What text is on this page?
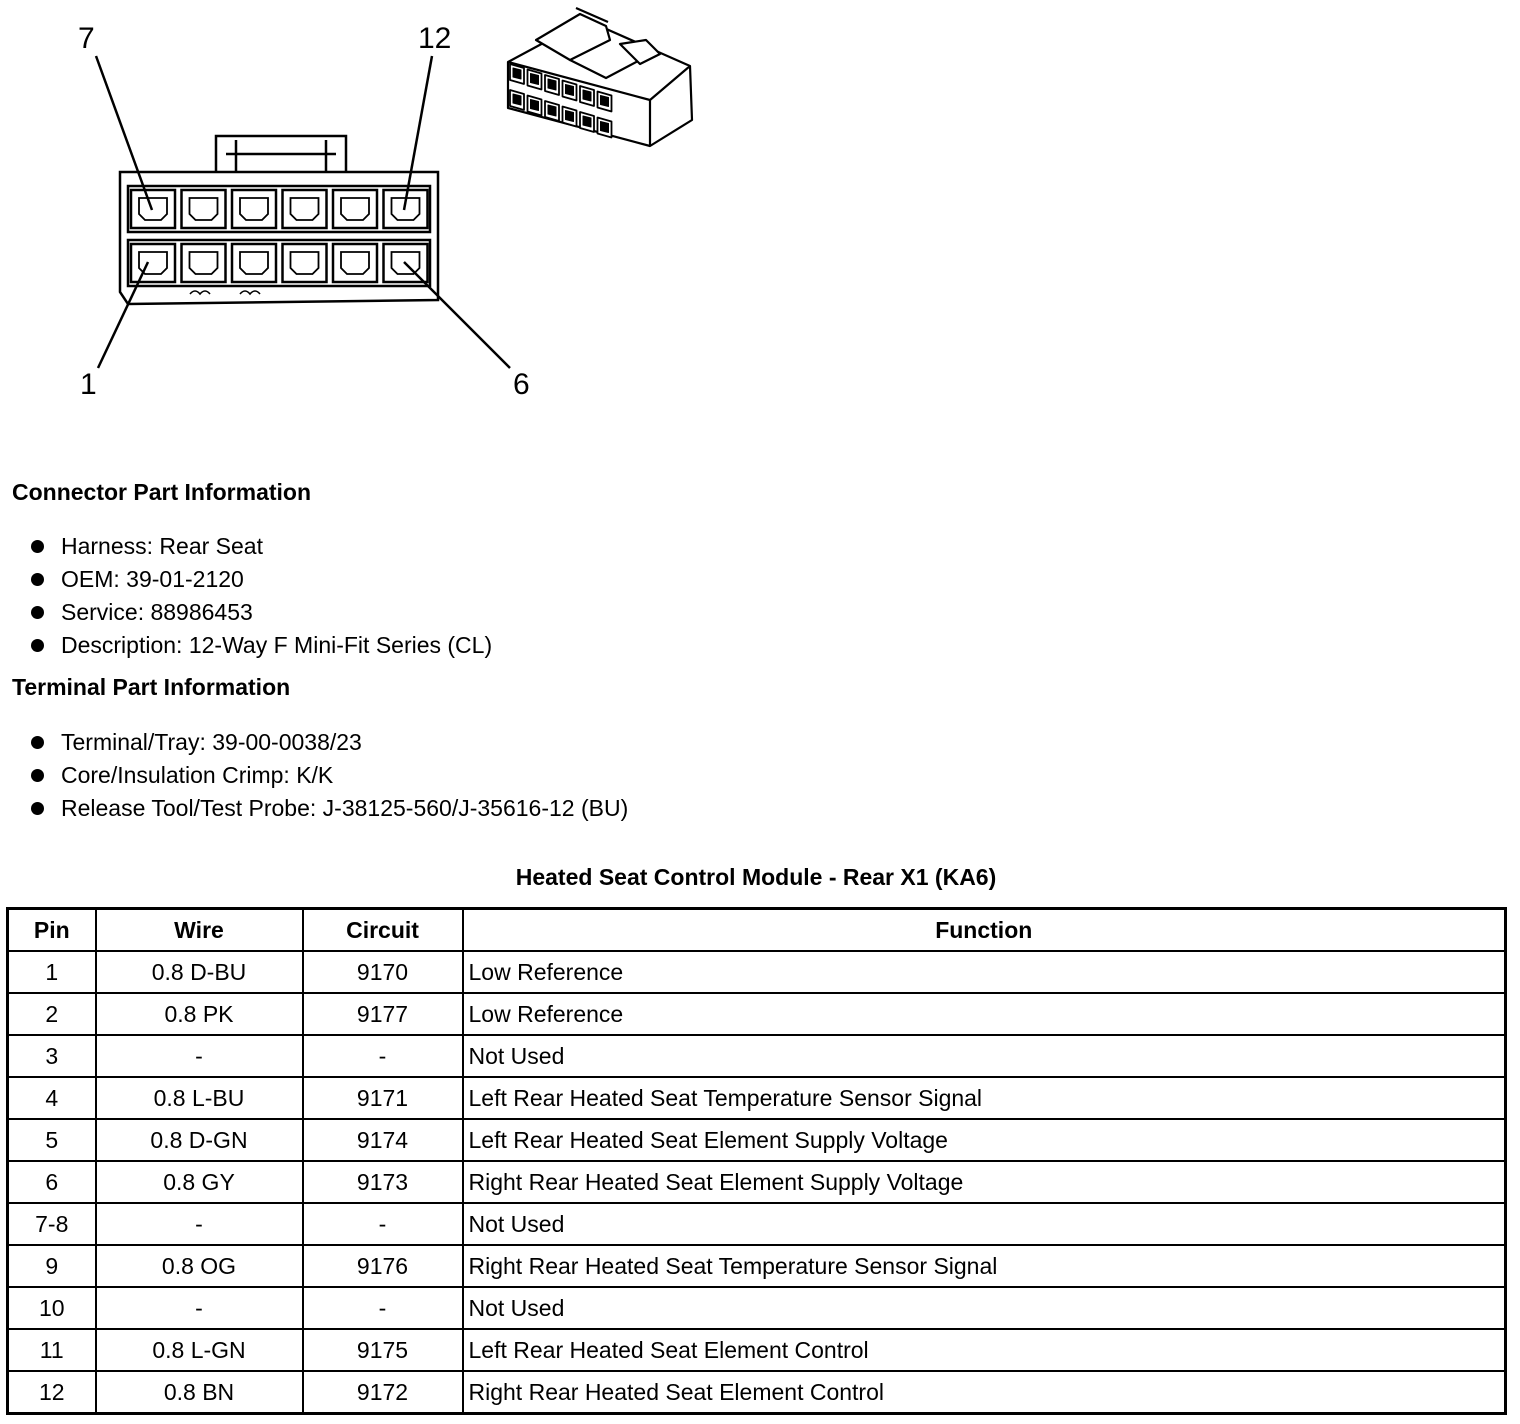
7	12
1	6
Connector Part Information
Harness: Rear Seat
OEM: 39-01-2120
Service: 88986453
Description: 12-Way F Mini-Fit Series (CL)
Terminal Part Information
Terminal/Tray: 39-00-0038/23
Core/Insulation Crimp: K/K
Release Tool/Test Probe: J-38125-560/J-35616-12 (BU)
Heated Seat Control Module - Rear X1 (KA6)
Pin	Wire	Circuit	Function
1	0.8 D-BU	9170	Low Reference
2	0.8 PK	9177	Low Reference
3	-	-	Not Used
4	0.8 L-BU	9171	Left Rear Heated Seat Temperature Sensor Signal
5	0.8 D-GN	9174	Left Rear Heated Seat Element Supply Voltage
6	0.8 GY	9173	Right Rear Heated Seat Element Supply Voltage
7-8	-	-	Not Used
9	0.8 OG	9176	Right Rear Heated Seat Temperature Sensor Signal
10	-	-	Not Used
11	0.8 L-GN	9175	Left Rear Heated Seat Element Control
12	0.8 BN	9172	Right Rear Heated Seat Element Control
